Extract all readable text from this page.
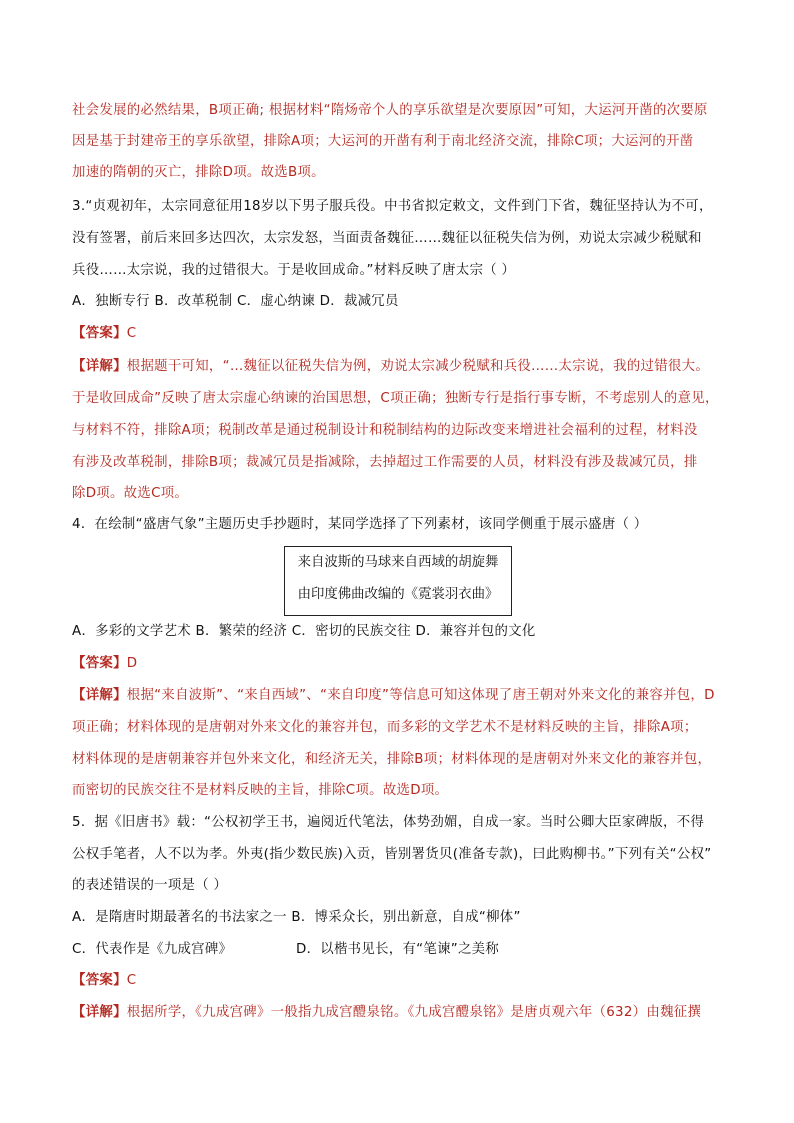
社会发展的必然结果，B项正确; 根据材料“隋炀帝个人的享乐欲望是次要原因”可知，大运河开凿的次要原
因是基于封建帝王的享乐欲望，排除A项；大运河的开凿有利于南北经济交流，排除C项；大运河的开凿
加速的隋朝的灭亡，排除D项。故选B项。
3.“贞观初年，太宗同意征用18岁以下男子服兵役。中书省拟定敕文，文件到门下省，魏征坚持认为不可，
没有签署，前后来回多达四次，太宗发怒，当面责备魏征……魏征以征税失信为例，劝说太宗减少税赋和
兵役……太宗说，我的过错很大。于是收回成命。”材料反映了唐太宗（ ）
A．独断专行 B．改革税制 C．虚心纳谏 D．裁减冗员
【答案】C
【详解】根据题干可知，“…魏征以征税失信为例，劝说太宗减少税赋和兵役……太宗说，我的过错很大。
于是收回成命”反映了唐太宗虚心纳谏的治国思想，C项正确；独断专行是指行事专断，不考虑别人的意见，
与材料不符，排除A项；税制改革是通过税制设计和税制结构的边际改变来增进社会福利的过程，材料没
有涉及改革税制，排除B项；裁减冗员是指减除，去掉超过工作需要的人员，材料没有涉及裁减冗员，排
除D项。故选C项。
4．在绘制“盛唐气象”主题历史手抄题时，某同学选择了下列素材，该同学侧重于展示盛唐（ ）
来自波斯的马球来自西域的胡旋舞
由印度佛曲改编的《霓裳羽衣曲》
A．多彩的文学艺术 B．繁荣的经济 C．密切的民族交往 D．兼容并包的文化
【答案】D
【详解】根据“来自波斯”、“来自西域”、“来自印度”等信息可知这体现了唐王朝对外来文化的兼容并包，D
项正确；材料体现的是唐朝对外来文化的兼容并包，而多彩的文学艺术不是材料反映的主旨，排除A项；
材料体现的是唐朝兼容并包外来文化，和经济无关，排除B项；材料体现的是唐朝对外来文化的兼容并包，
而密切的民族交往不是材料反映的主旨，排除C项。故选D项。
5．据《旧唐书》载：“公权初学王书，遍阅近代笔法，体势劲媚，自成一家。当时公卿大臣家碑版，不得
公权手笔者，人不以为孝。外夷(指少数民族)入贡，皆别署货贝(准备专款)，曰此购柳书。”下列有关“公权”
的表述错误的一项是（ ）
A．是隋唐时期最著名的书法家之一 B．博采众长，别出新意，自成“柳体”
C．代表作是《九成宫碑》	D．以楷书见长，有“笔谏”之美称
【答案】C
【详解】根据所学，《九成宫碑》一般指九成宫醴泉铭。《九成宫醴泉铭》是唐贞观六年（632）由魏征撰
